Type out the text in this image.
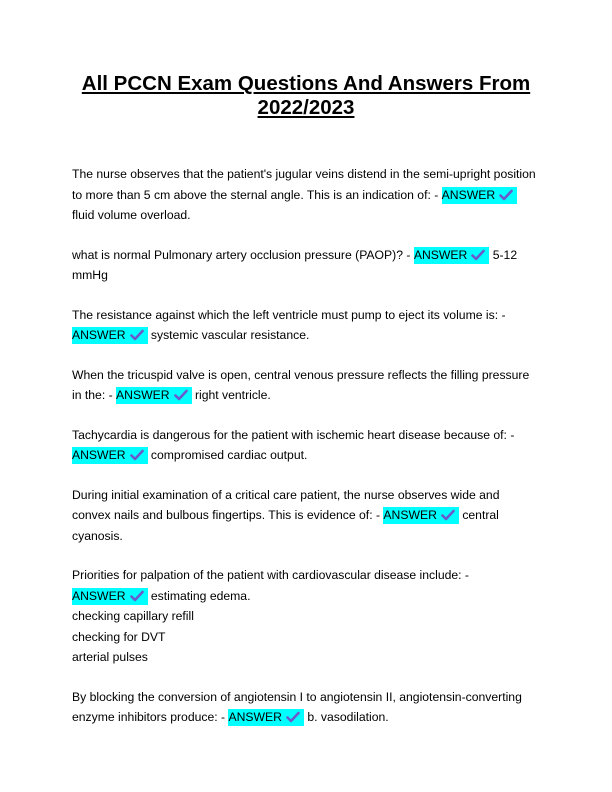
All PCCN Exam Questions And Answers From 2022/2023

The nurse observes that the patient's jugular veins distend in the semi-upright position to more than 5 cm above the sternal angle. This is an indication of: - ANSWER fluid volume overload.

what is normal Pulmonary artery occlusion pressure (PAOP)? - ANSWER 5-12 mmHg

The resistance against which the left ventricle must pump to eject its volume is: - ANSWER systemic vascular resistance.

When the tricuspid valve is open, central venous pressure reflects the filling pressure in the: - ANSWER right ventricle.

Tachycardia is dangerous for the patient with ischemic heart disease because of: - ANSWER compromised cardiac output.

During initial examination of a critical care patient, the nurse observes wide and convex nails and bulbous fingertips. This is evidence of: - ANSWER central cyanosis.

Priorities for palpation of the patient with cardiovascular disease include: - ANSWER estimating edema.
checking capillary refill
checking for DVT
arterial pulses

By blocking the conversion of angiotensin I to angiotensin II, angiotensin-converting enzyme inhibitors produce: - ANSWER b. vasodilation.
